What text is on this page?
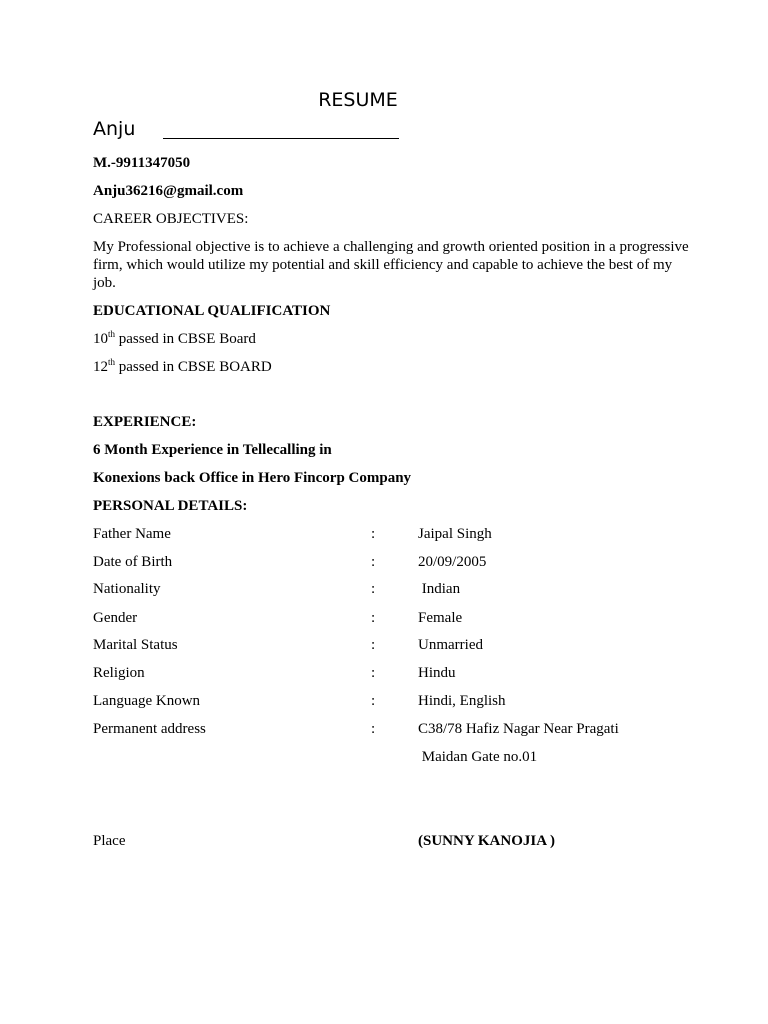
RESUME
Anju
M.-9911347050
Anju36216@gmail.com
CAREER OBJECTIVES:
My Professional objective is to achieve a challenging and growth oriented position in a progressive firm, which would utilize my potential and skill efficiency and capable to achieve the best of my job.
EDUCATIONAL QUALIFICATION
10th passed in CBSE Board
12th passed in CBSE BOARD
EXPERIENCE:
6 Month Experience in Tellecalling in
Konexions back Office in Hero Fincorp Company
PERSONAL DETAILS:
Father Name	:	Jaipal Singh
Date of Birth	:	20/09/2005
Nationality	:	Indian
Gender	:	Female
Marital Status	:	Unmarried
Religion	:	Hindu
Language Known	:	Hindi, English
Permanent address	:	C38/78 Hafiz Nagar Near Pragati
Maidan Gate no.01
Place	(SUNNY KANOJIA )
